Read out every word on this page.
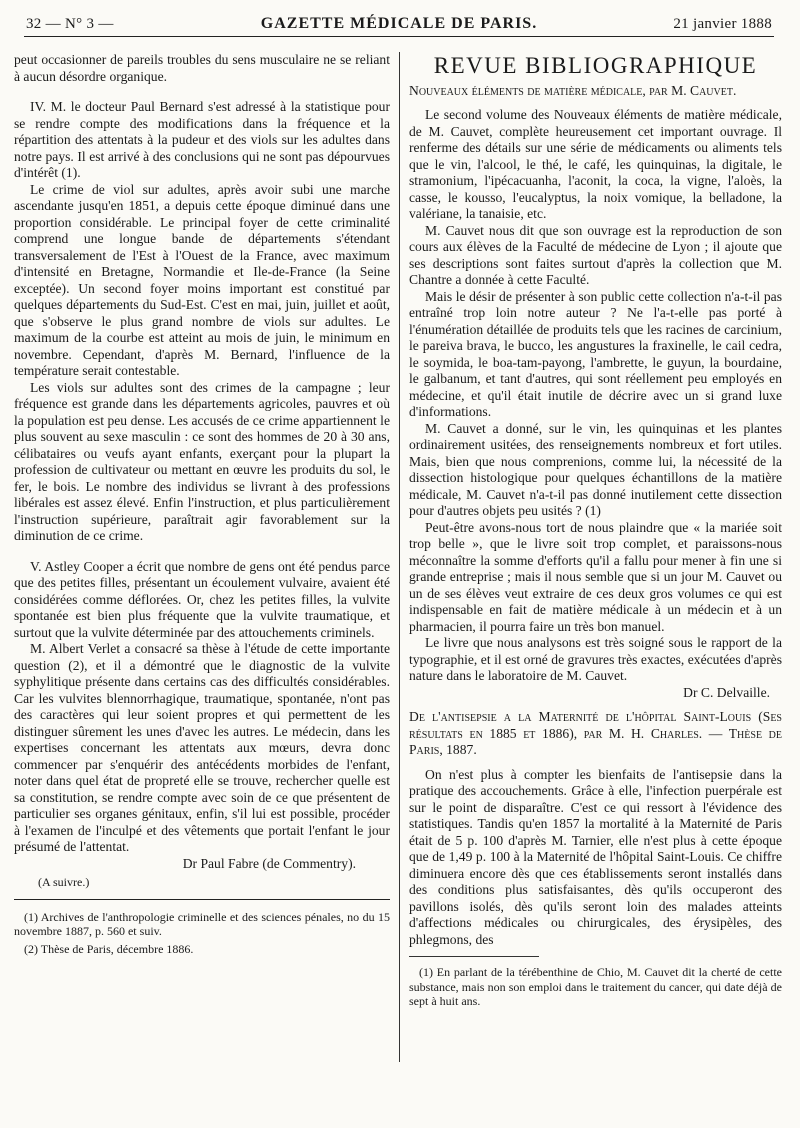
32 — N° 3 —	GAZETTE MÉDICALE DE PARIS.	21 janvier 1888

peut occasionner de pareils troubles du sens musculaire ne se reliant à aucun désordre organique.

IV. M. le docteur Paul Bernard s'est adressé à la statistique pour se rendre compte des modifications dans la fréquence et la répartition des attentats à la pudeur et des viols sur les adultes dans notre pays. Il est arrivé à des conclusions qui ne sont pas dépourvues d'intérêt (1).

Le crime de viol sur adultes, après avoir subi une marche ascendante jusqu'en 1851, a depuis cette époque diminué dans une proportion considérable. Le principal foyer de cette criminalité comprend une longue bande de départements s'étendant transversalement de l'Est à l'Ouest de la France, avec maximum d'intensité en Bretagne, Normandie et Ile-de-France (la Seine exceptée). Un second foyer moins important est constitué par quelques départements du Sud-Est. C'est en mai, juin, juillet et août, que s'observe le plus grand nombre de viols sur adultes. Le maximum de la courbe est atteint au mois de juin, le minimum en novembre. Cependant, d'après M. Bernard, l'influence de la température serait contestable.

Les viols sur adultes sont des crimes de la campagne ; leur fréquence est grande dans les départements agricoles, pauvres et où la population est peu dense. Les accusés de ce crime appartiennent le plus souvent au sexe masculin : ce sont des hommes de 20 à 30 ans, célibataires ou veufs ayant enfants, exerçant pour la plupart la profession de cultivateur ou mettant en œuvre les produits du sol, le fer, le bois. Le nombre des individus se livrant à des professions libérales est assez élevé. Enfin l'instruction, et plus particulièrement l'instruction supérieure, paraîtrait agir favorablement sur la diminution de ce crime.

V. Astley Cooper a écrit que nombre de gens ont été pendus parce que des petites filles, présentant un écoulement vulvaire, avaient été considérées comme déflorées. Or, chez les petites filles, la vulvite spontanée est bien plus fréquente que la vulvite traumatique, et surtout que la vulvite déterminée par des attouchements criminels.

M. Albert Verlet a consacré sa thèse à l'étude de cette importante question (2), et il a démontré que le diagnostic de la vulvite syphylitique présente dans certains cas des difficultés considérables. Car les vulvites blennorrhagique, traumatique, spontanée, n'ont pas des caractères qui leur soient propres et qui permettent de les distinguer sûrement les unes d'avec les autres. Le médecin, dans les expertises concernant les attentats aux mœurs, devra donc commencer par s'enquérir des antécédents morbides de l'enfant, noter dans quel état de propreté elle se trouve, rechercher quelle est sa constitution, se rendre compte avec soin de ce que présentent de particulier ses organes génitaux, enfin, s'il lui est possible, procéder à l'examen de l'inculpé et des vêtements que portait l'enfant le jour présumé de l'attentat.

Dr Paul Fabre (de Commentry).

(A suivre.)

(1) Archives de l'anthropologie criminelle et des sciences pénales, no du 15 novembre 1887, p. 560 et suiv.

(2) Thèse de Paris, décembre 1886.

REVUE BIBLIOGRAPHIQUE

Nouveaux éléments de matière médicale, par M. Cauvet.

Le second volume des Nouveaux éléments de matière médicale, de M. Cauvet, complète heureusement cet important ouvrage. Il renferme des détails sur une série de médicaments ou aliments tels que le vin, l'alcool, le thé, le café, les quinquinas, la digitale, le stramonium, l'ipécacuanha, l'aconit, la coca, la vigne, l'aloès, la casse, le kousso, l'eucalyptus, la noix vomique, la belladone, la valériane, la tanaisie, etc.

M. Cauvet nous dit que son ouvrage est la reproduction de son cours aux élèves de la Faculté de médecine de Lyon ; il ajoute que ses descriptions sont faites surtout d'après la collection que M. Chantre a donnée à cette Faculté.

Mais le désir de présenter à son public cette collection n'a-t-il pas entraîné trop loin notre auteur ? Ne l'a-t-elle pas porté à l'énumération détaillée de produits tels que les racines de carcinium, le pareiva brava, le bucco, les angustures la fraxinelle, le cail cedra, le soymida, le boa-tam-payong, l'ambrette, le guyun, la bourdaine, le galbanum, et tant d'autres, qui sont réellement peu employés en médecine, et qu'il était inutile de décrire avec un si grand luxe d'informations.

M. Cauvet a donné, sur le vin, les quinquinas et les plantes ordinairement usitées, des renseignements nombreux et fort utiles. Mais, bien que nous comprenions, comme lui, la nécessité de la dissection histologique pour quelques échantillons de la matière médicale, M. Cauvet n'a-t-il pas donné inutilement cette dissection pour d'autres objets peu usités ? (1)

Peut-être avons-nous tort de nous plaindre que « la mariée soit trop belle », que le livre soit trop complet, et paraissons-nous méconnaître la somme d'efforts qu'il a fallu pour mener à fin une si grande entreprise ; mais il nous semble que si un jour M. Cauvet ou un de ses élèves veut extraire de ces deux gros volumes ce qui est indispensable en fait de matière médicale à un médecin et à un pharmacien, il pourra faire un très bon manuel.

Le livre que nous analysons est très soigné sous le rapport de la typographie, et il est orné de gravures très exactes, exécutées d'après nature dans le laboratoire de M. Cauvet.

Dr C. Delvaille.

De l'antisepsie a la Maternité de l'hôpital Saint-Louis (Ses résultats en 1885 et 1886), par M. H. Charles. — Thèse de Paris, 1887.

On n'est plus à compter les bienfaits de l'antisepsie dans la pratique des accouchements. Grâce à elle, l'infection puerpérale est sur le point de disparaître. C'est ce qui ressort à l'évidence des statistiques. Tandis qu'en 1857 la mortalité à la Maternité de Paris était de 5 p. 100 d'après M. Tarnier, elle n'est plus à cette époque que de 1,49 p. 100 à la Maternité de l'hôpital Saint-Louis. Ce chiffre diminuera encore dès que ces établissements seront installés dans des conditions plus satisfaisantes, dès qu'ils occuperont des pavillons isolés, dès qu'ils seront loin des malades atteints d'affections médicales ou chirurgicales, des érysipèles, des phlegmons, des

(1) En parlant de la térébenthine de Chio, M. Cauvet dit la cherté de cette substance, mais non son emploi dans le traitement du cancer, qui date déjà de sept à huit ans.
